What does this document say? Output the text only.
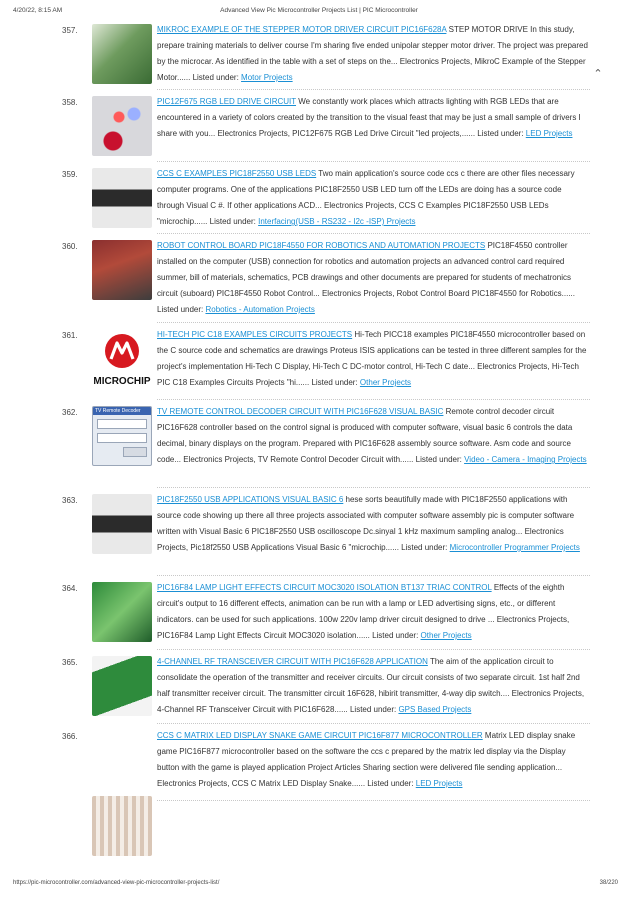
4/20/22, 8:15 AM	Advanced View Pic Microcontroller Projects List | PIC Microcontroller
⌃
357.	MIKROC EXAMPLE OF THE STEPPER MOTOR DRIVER CIRCUIT PIC16F628A STEP MOTOR DRIVE In this study, prepare training materials to deliver course I'm sharing five ended unipolar stepper motor driver. The project was prepared by the microcar. As identified in the table with a set of steps on the... Electronics Projects, MikroC Example of the Stepper Motor...... Listed under: Motor Projects
358.	PIC12F675 RGB LED DRIVE CIRCUIT We constantly work places which attracts lighting with RGB LEDs that are encountered in a variety of colors created by the transition to the visual feast that may be just a small sample of drivers I share with you... Electronics Projects, PIC12F675 RGB Led Drive Circuit "led projects,...... Listed under: LED Projects
359.	CCS C EXAMPLES PIC18F2550 USB LEDS Two main application's source code ccs c there are other files necessary computer programs. One of the applications PIC18F2550 USB LED turn off the LEDs are doing has a source code through Visual C #. If other applications ACD... Electronics Projects, CCS C Examples PIC18F2550 USB LEDs "microchip...... Listed under: Interfacing(USB - RS232 - I2c -ISP) Projects
360.	ROBOT CONTROL BOARD PIC18F4550 FOR ROBOTICS AND AUTOMATION PROJECTS PIC18F4550 controller installed on the computer (USB) connection for robotics and automation projects an advanced control card required summer, bill of materials, schematics, PCB drawings and other documents are prepared for students of mechatronics circuit (suboard) PIC18F4550 Robot Control... Electronics Projects, Robot Control Board PIC18F4550 for Robotics...... Listed under: Robotics - Automation Projects
361.
MICROCHIP
HI-TECH PIC C18 EXAMPLES CIRCUITS PROJECTS Hi-Tech PICC18 examples PIC18F4550 microcontroller based on the C source code and schematics are drawings Proteus ISIS applications can be tested in three different samples for the project's implementation Hi-Tech C Display, Hi-Tech C DC-motor control, Hi-Tech C date... Electronics Projects, Hi-Tech PIC C18 Examples Circuits Projects "hi...... Listed under: Other Projects
362.	TV Remote Decoder	TV REMOTE CONTROL DECODER CIRCUIT WITH PIC16F628 VISUAL BASIC Remote control decoder circuit PIC16F628 controller based on the control signal is produced with computer software, visual basic 6 controls the data decimal, binary displays on the program. Prepared with PIC16F628 assembly source software. Asm code and source code... Electronics Projects, TV Remote Control Decoder Circuit with...... Listed under: Video - Camera - Imaging Projects
363.	PIC18F2550 USB APPLICATIONS VISUAL BASIC 6 hese sorts beautifully made with PIC18F2550 applications with source code showing up there all three projects associated with computer software assembly pic is computer software written with Visual Basic 6 PIC18F2550 USB oscilloscope Dc.sinyal 1 kHz maximum sampling analog... Electronics Projects, Pic18f2550 USB Applications Visual Basic 6 "microchip...... Listed under: Microcontroller Programmer Projects
364.	PIC16F84 LAMP LIGHT EFFECTS CIRCUIT MOC3020 ISOLATION BT137 TRIAC CONTROL Effects of the eighth circuit's output to 16 different effects, animation can be run with a lamp or LED advertising signs, etc., or different indicators. can be used for such applications. 100w 220v lamp driver circuit designed to drive ... Electronics Projects, PIC16F84 Lamp Light Effects Circuit MOC3020 isolation...... Listed under: Other Projects
365.	4-CHANNEL RF TRANSCEIVER CIRCUIT WITH PIC16F628 APPLICATION The aim of the application circuit to consolidate the operation of the transmitter and receiver circuits. Our circuit consists of two separate circuit. 1st half 2nd half transmitter receiver circuit. The transmitter circuit 16F628, hibirit transmitter, 4-way dip switch.... Electronics Projects, 4-Channel RF Transceiver Circuit with PIC16F628...... Listed under: GPS Based Projects
366.	CCS C MATRIX LED DISPLAY SNAKE GAME CIRCUIT PIC16F877 MICROCONTROLLER Matrix LED display snake game PIC16F877 microcontroller based on the software the ccs c prepared by the matrix led display via the Display button with the game is played application Project Articles Sharing section were delivered file sending application... Electronics Projects, CCS C Matrix LED Display Snake...... Listed under: LED Projects
https://pic-microcontroller.com/advanced-view-pic-microcontroller-projects-list/	38/220
